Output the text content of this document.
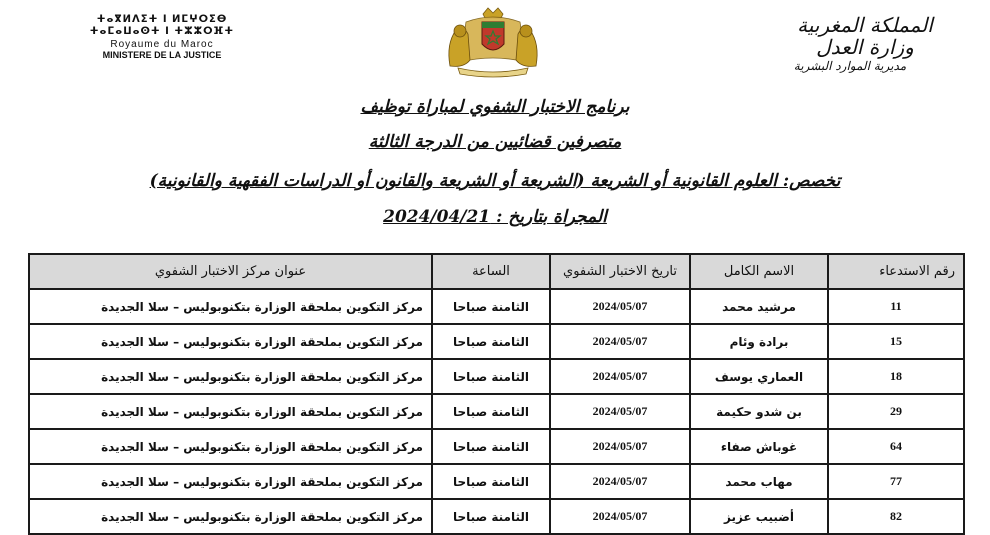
ⵜⴰⴳⵍⴷⵉⵜ ⵏ ⵍⵎⵖⵔⵉⴱ
ⵜⴰⵎⴰⵡⴰⵙⵜ ⵏ ⵜⵣⵣⵔⴼⵜ
Royaume du Maroc
MINISTERE DE LA JUSTICE
المملكة المغربية
وزارة العدل
مديرية الموارد البشرية
برنامج الاختبار الشفوي لمباراة توظيف
متصرفين قضائيين من الدرجة الثالثة
تخصص: العلوم القانونية أو الشريعة (الشريعة أو الشريعة والقانون أو الدراسات الفقهية والقانونية)
المجراة بتاريخ : 2024/04/21
رقم الاستدعاء	الاسم الكامل	تاريخ الاختبار الشفوي	الساعة	عنوان مركز الاختبار الشفوي
11	مرشيد محمد	2024/05/07	الثامنة صباحا	مركز التكوين بملحقة الوزارة بتكنوبوليس – سلا الجديدة
15	برادة وئام	2024/05/07	الثامنة صباحا	مركز التكوين بملحقة الوزارة بتكنوبوليس – سلا الجديدة
18	العماري يوسف	2024/05/07	الثامنة صباحا	مركز التكوين بملحقة الوزارة بتكنوبوليس – سلا الجديدة
29	بن شدو حكيمة	2024/05/07	الثامنة صباحا	مركز التكوين بملحقة الوزارة بتكنوبوليس – سلا الجديدة
64	غوباش صفاء	2024/05/07	الثامنة صباحا	مركز التكوين بملحقة الوزارة بتكنوبوليس – سلا الجديدة
77	مهاب محمد	2024/05/07	الثامنة صباحا	مركز التكوين بملحقة الوزارة بتكنوبوليس – سلا الجديدة
82	أضبيب عزيز	2024/05/07	الثامنة صباحا	مركز التكوين بملحقة الوزارة بتكنوبوليس – سلا الجديدة
